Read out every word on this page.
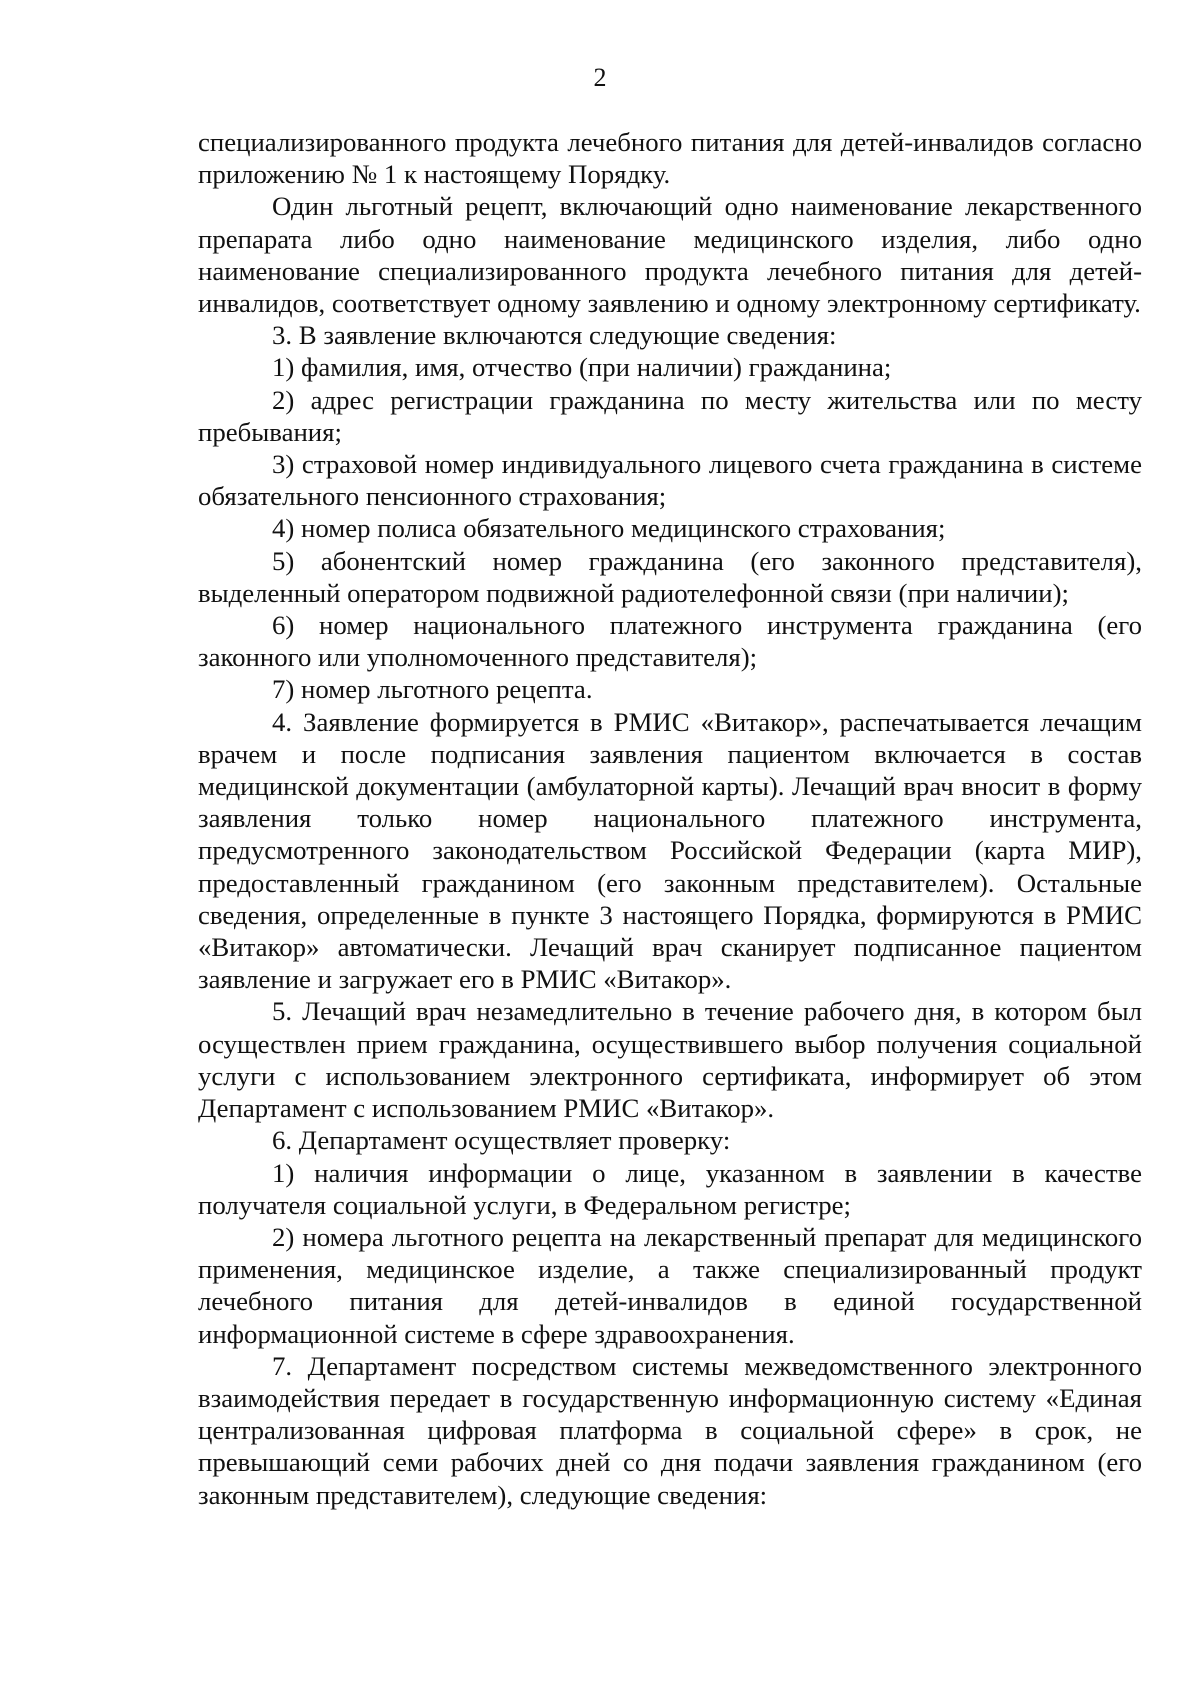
2

специализированного продукта лечебного питания для детей-инвалидов согласно приложению № 1 к настоящему Порядку.

Один льготный рецепт, включающий одно наименование лекарственного препарата либо одно наименование медицинского изделия, либо одно наименование специализированного продукта лечебного питания для детей-инвалидов, соответствует одному заявлению и одному электронному сертификату.

3. В заявление включаются следующие сведения:

1) фамилия, имя, отчество (при наличии) гражданина;

2) адрес регистрации гражданина по месту жительства или по месту пребывания;

3) страховой номер индивидуального лицевого счета гражданина в системе обязательного пенсионного страхования;

4) номер полиса обязательного медицинского страхования;

5) абонентский номер гражданина (его законного представителя), выделенный оператором подвижной радиотелефонной связи (при наличии);

6) номер национального платежного инструмента гражданина (его законного или уполномоченного представителя);

7) номер льготного рецепта.

4. Заявление формируется в РМИС «Витакор», распечатывается лечащим врачем и после подписания заявления пациентом включается в состав медицинской документации (амбулаторной карты). Лечащий врач вносит в форму заявления только номер национального платежного инструмента, предусмотренного законодательством Российской Федерации (карта МИР), предоставленный гражданином (его законным представителем). Остальные сведения, определенные в пункте 3 настоящего Порядка, формируются в РМИС «Витакор» автоматически. Лечащий врач сканирует подписанное пациентом заявление и загружает его в РМИС «Витакор».

5. Лечащий врач незамедлительно в течение рабочего дня, в котором был осуществлен прием гражданина, осуществившего выбор получения социальной услуги с использованием электронного сертификата, информирует об этом Департамент с использованием РМИС «Витакор».

6. Департамент осуществляет проверку:

1) наличия информации о лице, указанном в заявлении в качестве получателя социальной услуги, в Федеральном регистре;

2) номера льготного рецепта на лекарственный препарат для медицинского применения, медицинское изделие, а также специализированный продукт лечебного питания для детей-инвалидов в единой государственной информационной системе в сфере здравоохранения.

7. Департамент посредством системы межведомственного электронного взаимодействия передает в государственную информационную систему «Единая централизованная цифровая платформа в социальной сфере» в срок, не превышающий семи рабочих дней со дня подачи заявления гражданином (его законным представителем), следующие сведения:
